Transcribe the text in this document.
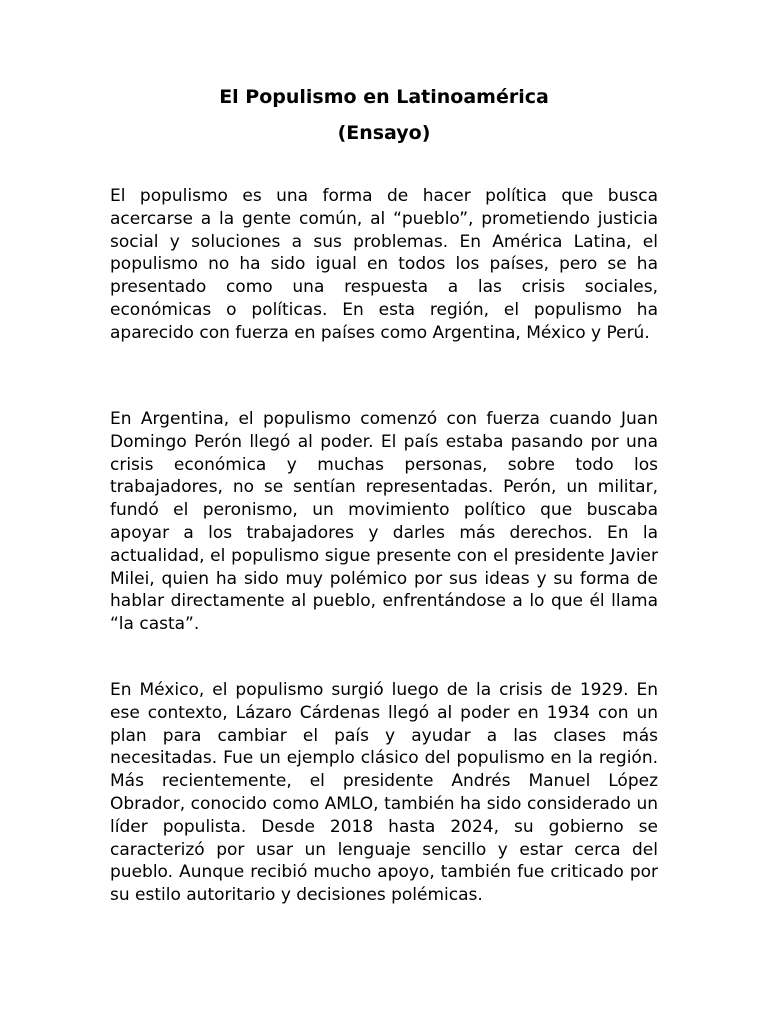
El Populismo en Latinoamérica
(Ensayo)

El populismo es una forma de hacer política que busca acercarse a la gente común, al “pueblo”, prometiendo justicia social y soluciones a sus problemas. En América Latina, el populismo no ha sido igual en todos los países, pero se ha presentado como una respuesta a las crisis sociales, económicas o políticas. En esta región, el populismo ha aparecido con fuerza en países como Argentina, México y Perú.

En Argentina, el populismo comenzó con fuerza cuando Juan Domingo Perón llegó al poder. El país estaba pasando por una crisis económica y muchas personas, sobre todo los trabajadores, no se sentían representadas. Perón, un militar, fundó el peronismo, un movimiento político que buscaba apoyar a los trabajadores y darles más derechos. En la actualidad, el populismo sigue presente con el presidente Javier Milei, quien ha sido muy polémico por sus ideas y su forma de hablar directamente al pueblo, enfrentándose a lo que él llama “la casta”.

En México, el populismo surgió luego de la crisis de 1929. En ese contexto, Lázaro Cárdenas llegó al poder en 1934 con un plan para cambiar el país y ayudar a las clases más necesitadas. Fue un ejemplo clásico del populismo en la región. Más recientemente, el presidente Andrés Manuel López Obrador, conocido como AMLO, también ha sido considerado un líder populista. Desde 2018 hasta 2024, su gobierno se caracterizó por usar un lenguaje sencillo y estar cerca del pueblo. Aunque recibió mucho apoyo, también fue criticado por su estilo autoritario y decisiones polémicas.
